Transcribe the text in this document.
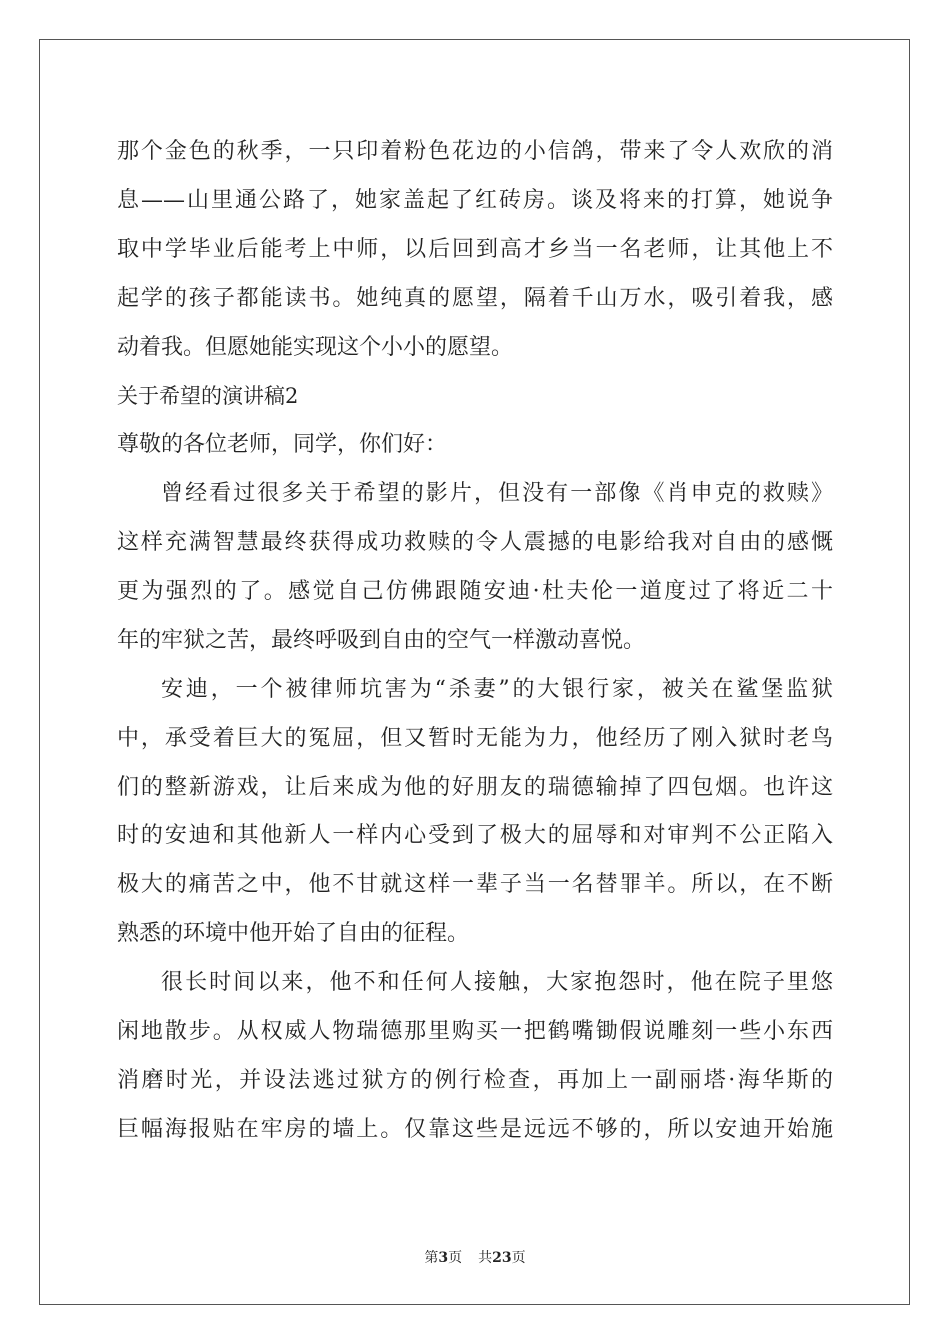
那个金色的秋季，一只印着粉色花边的小信鸽，带来了令人欢欣的消
息——山里通公路了，她家盖起了红砖房。谈及将来的打算，她说争
取中学毕业后能考上中师，以后回到高才乡当一名老师，让其他上不
起学的孩子都能读书。她纯真的愿望，隔着千山万水，吸引着我，感
动着我。但愿她能实现这个小小的愿望。
关于希望的演讲稿2
尊敬的各位老师，同学，你们好：
曾经看过很多关于希望的影片，但没有一部像《肖申克的救赎》
这样充满智慧最终获得成功救赎的令人震撼的电影给我对自由的感慨
更为强烈的了。感觉自己仿佛跟随安迪·杜夫伦一道度过了将近二十
年的牢狱之苦，最终呼吸到自由的空气一样激动喜悦。
安迪，一个被律师坑害为“杀妻”的大银行家，被关在鲨堡监狱
中，承受着巨大的冤屈，但又暂时无能为力，他经历了刚入狱时老鸟
们的整新游戏，让后来成为他的好朋友的瑞德输掉了四包烟。也许这
时的安迪和其他新人一样内心受到了极大的屈辱和对审判不公正陷入
极大的痛苦之中，他不甘就这样一辈子当一名替罪羊。所以，在不断
熟悉的环境中他开始了自由的征程。
很长时间以来，他不和任何人接触，大家抱怨时，他在院子里悠
闲地散步。从权威人物瑞德那里购买一把鹤嘴锄假说雕刻一些小东西
消磨时光，并设法逃过狱方的例行检查，再加上一副丽塔·海华斯的
巨幅海报贴在牢房的墙上。仅靠这些是远远不够的，所以安迪开始施
第3页 共23页
